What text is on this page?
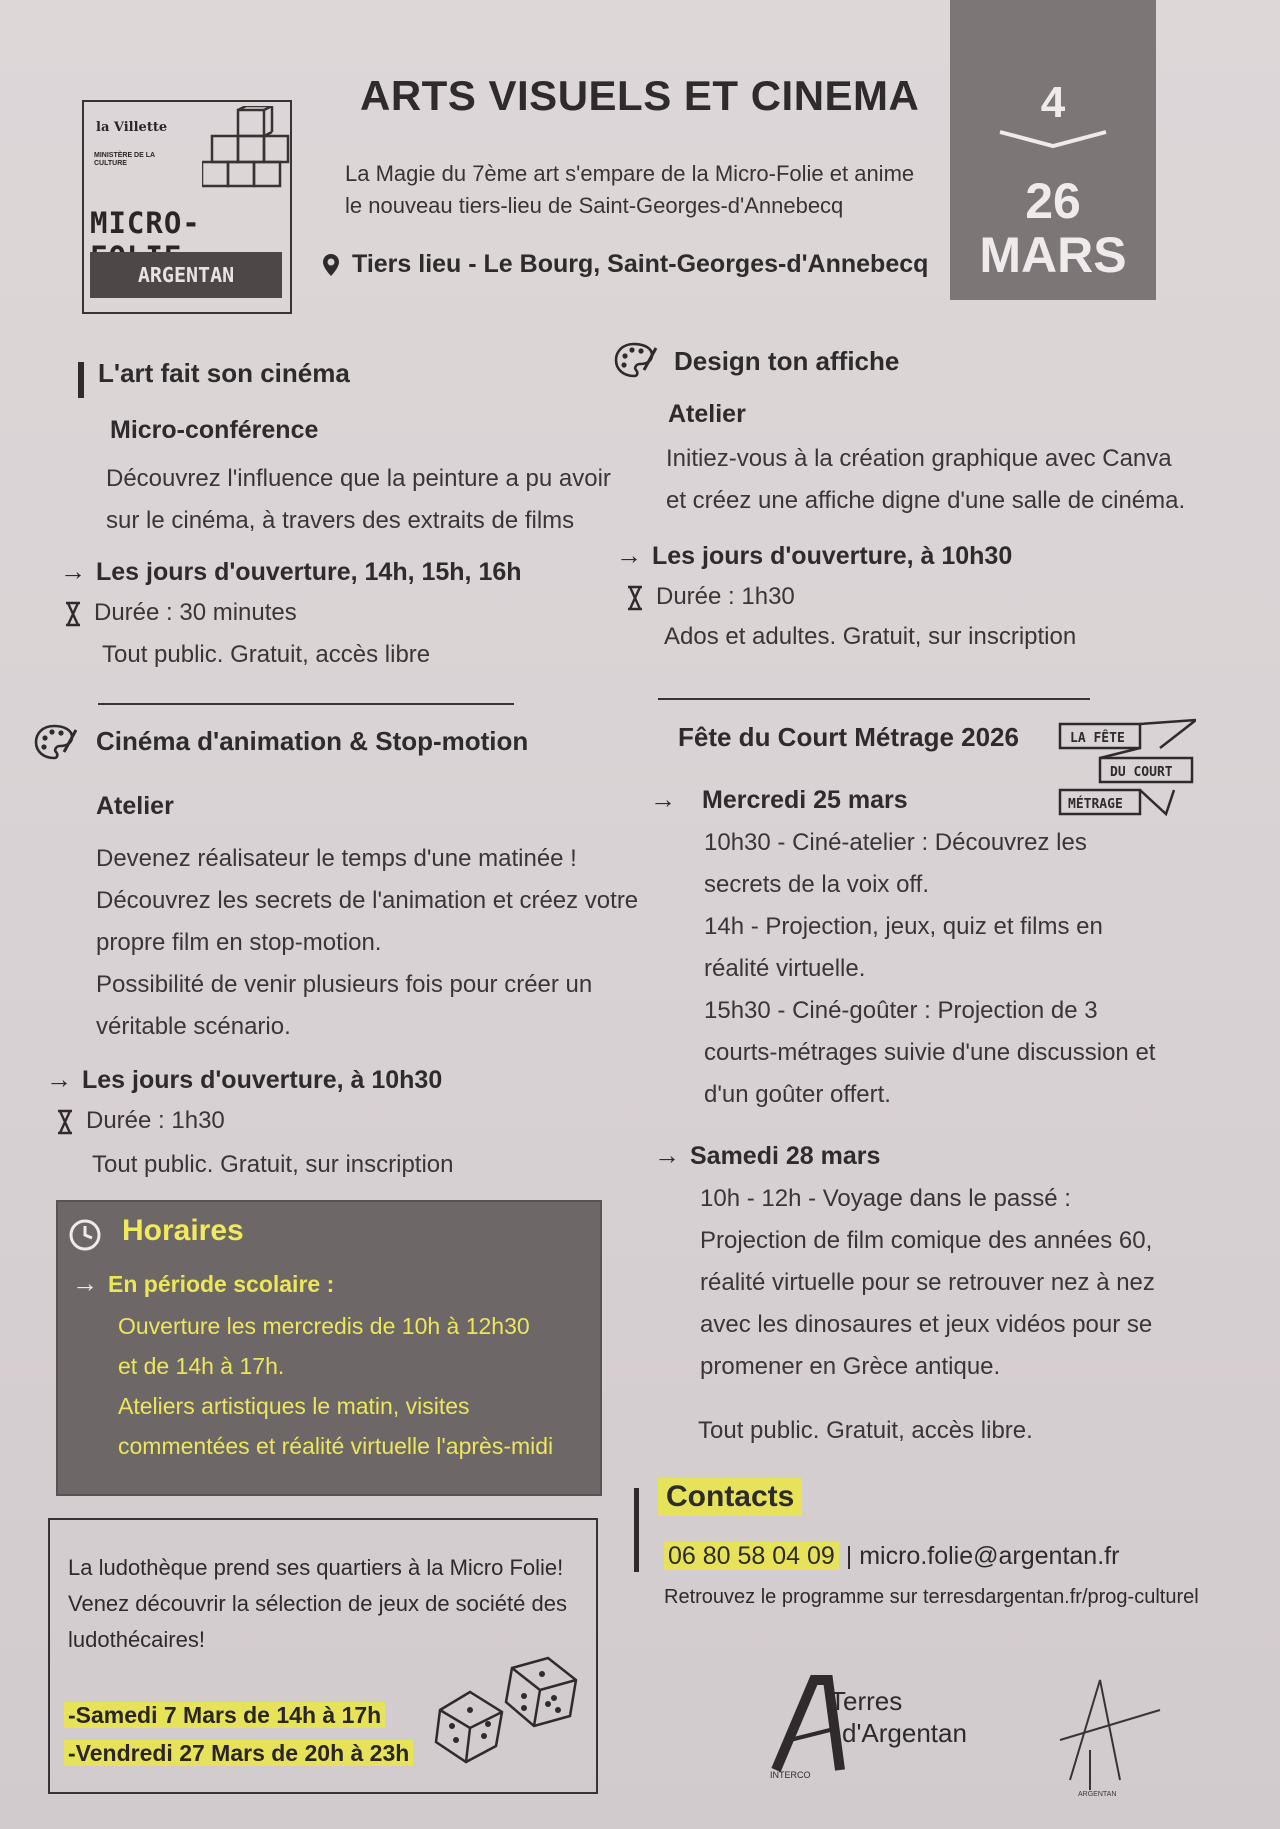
la Villette
MINISTÈRE DE LA CULTURE
MICRO-
ARGENTAN
ARTS VISUELS ET CINEMA
La Magie du 7ème art s'empare de la Micro-Folie et anime
le nouveau tiers-lieu de Saint-Georges-d'Annebecq
Tiers lieu - Le Bourg, Saint-Georges-d'Annebecq
4
26
MARS
L'art fait son cinéma
Micro-conférence
Découvrez l'influence que la peinture a pu avoir
sur le cinéma, à travers des extraits de films
→ Les jours d'ouverture, 14h, 15h, 16h
Durée : 30 minutes
Tout public. Gratuit, accès libre
Design ton affiche
Atelier
Initiez-vous à la création graphique avec Canva
et créez une affiche digne d'une salle de cinéma.
→ Les jours d'ouverture, à 10h30
Durée : 1h30
Ados et adultes. Gratuit, sur inscription
Cinéma d'animation & Stop-motion
Atelier
Devenez réalisateur le temps d'une matinée !
Découvrez les secrets de l'animation et créez votre
propre film en stop-motion.
Possibilité de venir plusieurs fois pour créer un
véritable scénario.
→ Les jours d'ouverture, à 10h30
Durée : 1h30
Tout public. Gratuit, sur inscription
Horaires
→ En période scolaire :
Ouverture les mercredis de 10h à 12h30
et de 14h à 17h.
Ateliers artistiques le matin, visites
commentées et réalité virtuelle l'après-midi
La ludothèque prend ses quartiers à la Micro Folie!
Venez découvrir la sélection de jeux de société des
ludothécaires!
-Samedi 7 Mars de 14h à 17h
-Vendredi 27 Mars de 20h à 23h
Fête du Court Métrage 2026	LA FÊTE
DU COURT
MÉTRAGE
→ Mercredi 25 mars
10h30 - Ciné-atelier : Découvrez les
secrets de la voix off.
14h - Projection, jeux, quiz et films en
réalité virtuelle.
15h30 - Ciné-goûter : Projection de 3
courts-métrages suivie d'une discussion et
d'un goûter offert.
→ Samedi 28 mars
10h - 12h - Voyage dans le passé :
Projection de film comique des années 60,
réalité virtuelle pour se retrouver nez à nez
avec les dinosaures et jeux vidéos pour se
promener en Grèce antique.
Tout public. Gratuit, accès libre.
Contacts
06 80 58 04 09 | micro.folie@argentan.fr
Retrouvez le programme sur terresdargentan.fr/prog-culturel
Terres
d'Argentan
INTERCO
ARGENTAN
